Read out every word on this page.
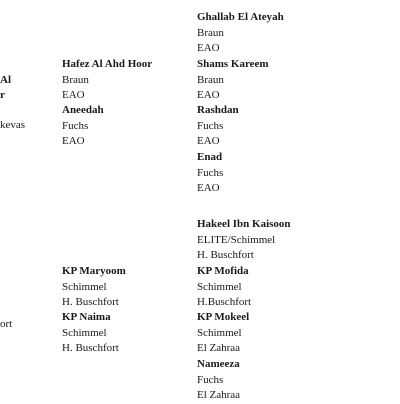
Al
r
kevas
ort
Hafez Al Ahd Hoor
Braun
EAO
Aneedah
Fuchs
EAO
KP Maryoom
Schimmel
H. Buschfort
KP Naima
Schimmel
H. Buschfort
Ghallab El Ateyah
Braun
EAO
Shams Kareem
Braun
EAO
Rashdan
Fuchs
EAO
Enad
Fuchs
EAO
Hakeel Ibn Kaisoon
ELITE/Schimmel
H. Buschfort
KP Mofida
Schimmel
H.Buschfort
KP Mokeel
Schimmel
El Zahraa
Nameeza
Fuchs
El Zahraa
